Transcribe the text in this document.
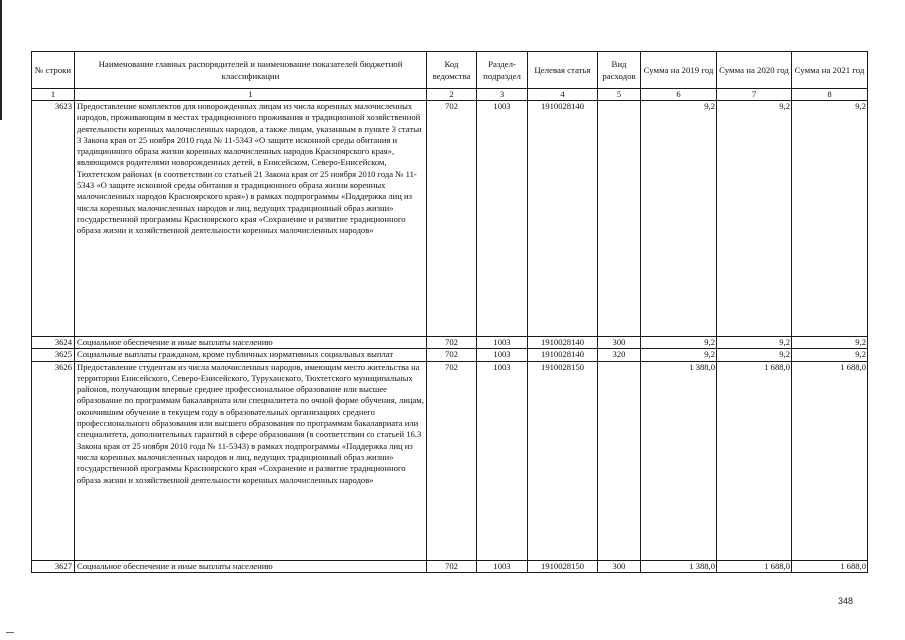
№ строки	Наименование главных распорядителей и наименование показателей бюджетной классификации	Код ведомства	Раздел-подраздел	Целевая статья	Вид расходов	Сумма на 2019 год	Сумма на 2020 год	Сумма на 2021 год
1	1	2	3	4	5	6	7	8
3623	Предоставление комплектов для новорожденных лицам из числа коренных малочисленных народов, проживающим в местах традиционного проживания и традиционной хозяйственной деятельности коренных малочисленных народов, а также лицам, указанным в пункте 3 статьи 3 Закона края от 25 ноября 2010 года № 11-5343 «О защите исконной среды обитания и традиционного образа жизни коренных малочисленных народов Красноярского края», являющимся родителями новорожденных детей, в Енисейском, Северо-Енисейском, Тюхтетском районах (в соответствии со статьей 21 Закона края от 25 ноября 2010 года № 11-5343 «О защите исконной среды обитания и традиционного образа жизни коренных малочисленных народов Красноярского края») в рамках подпрограммы «Поддержка лиц из числа коренных малочисленных народов и лиц, ведущих традиционный образ жизни» государственной программы Красноярского края «Сохранение и развитие традиционного образа жизни и хозяйственной деятельности коренных малочисленных народов»	702	1003	1910028140		9,2	9,2	9,2
3624	Социальное обеспечение и иные выплаты населению	702	1003	1910028140	300	9,2	9,2	9,2
3625	Социальные выплаты гражданам, кроме публичных нормативных социальных выплат	702	1003	1910028140	320	9,2	9,2	9,2
3626	Предоставление студентам из числа малочисленных народов, имеющим место жительства на территории Енисейского, Северо-Енисейского, Туруханского, Тюхтетского муниципальных районов, получающим впервые среднее профессиональное образование или высшее образование по программам бакалавриата или специалитета по очной форме обучения, лицам, окончившим обучение в текущем году в образовательных организациях среднего профессионального образования или высшего образования по программам бакалавриата или специалитета, дополнительных гарантий в сфере образования (в соответствии со статьей 16.3 Закона края от 25 ноября 2010 года № 11-5343) в рамках подпрограммы «Поддержка лиц из числа коренных малочисленных народов и лиц, ведущих традиционный образ жизни» государственной программы Красноярского края «Сохранение и развитие традиционного образа жизни и хозяйственной деятельности коренных малочисленных народов»	702	1003	1910028150		1 388,0	1 688,0	1 688,0
3627	Социальное обеспечение и иные выплаты населению	702	1003	1910028150	300	1 388,0	1 688,0	1 688,0
348
